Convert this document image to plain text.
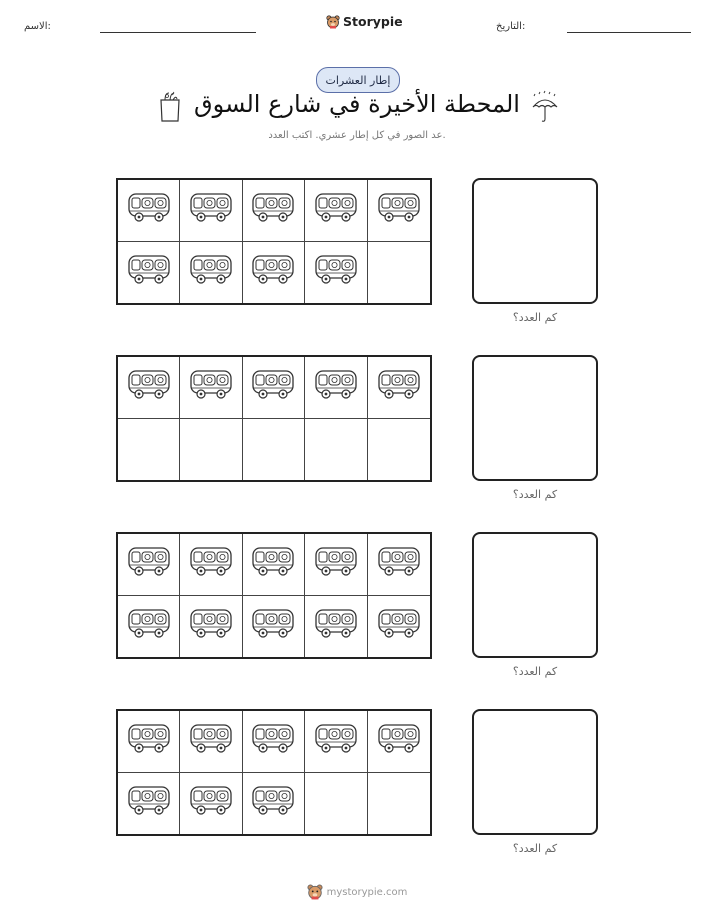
الاسم:	Storypie	التاريخ:
إطار العشرات
المحطة الأخيرة في شارع السوق
عد الصور في كل إطار عشري. اكتب العدد.
كم العدد؟
كم العدد؟
كم العدد؟
كم العدد؟
mystorypie.com
